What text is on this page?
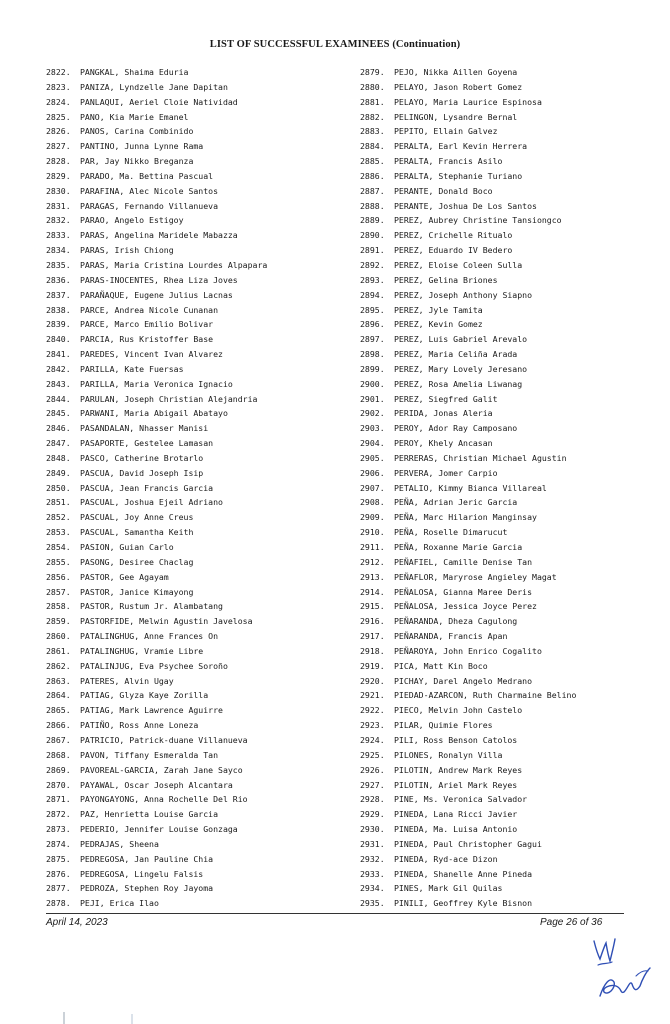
LIST OF SUCCESSFUL EXAMINEES (Continuation)
2822. PANGKAL, Shaima Eduria
2823. PANIZA, Lyndzelle Jane Dapitan
2824. PANLAQUI, Aeriel Cloie Natividad
2825. PANO, Kia Marie Emanel
2826. PANOS, Carina Combinido
2827. PANTINO, Junna Lynne Rama
2828. PAR, Jay Nikko Breganza
2829. PARADO, Ma. Bettina Pascual
2830. PARAFINA, Alec Nicole Santos
2831. PARAGAS, Fernando Villanueva
2832. PARAO, Angelo Estigoy
2833. PARAS, Angelina Maridele Mabazza
2834. PARAS, Irish Chiong
2835. PARAS, Maria Cristina Lourdes Alpapara
2836. PARAS-INOCENTES, Rhea Liza Joves
2837. PARAÑAQUE, Eugene Julius Lacnas
2838. PARCE, Andrea Nicole Cunanan
2839. PARCE, Marco Emilio Bolivar
2840. PARCIA, Rus Kristoffer Base
2841. PAREDES, Vincent Ivan Alvarez
2842. PARILLA, Kate Fuersas
2843. PARILLA, Maria Veronica Ignacio
2844. PARULAN, Joseph Christian Alejandria
2845. PARWANI, Maria Abigail Abatayo
2846. PASANDALAN, Nhasser Manisi
2847. PASAPORTE, Gestelee Lamasan
2848. PASCO, Catherine Brotarlo
2849. PASCUA, David Joseph Isip
2850. PASCUA, Jean Francis Garcia
2851. PASCUAL, Joshua Ejeil Adriano
2852. PASCUAL, Joy Anne Creus
2853. PASCUAL, Samantha Keith
2854. PASION, Guian Carlo
2855. PASONG, Desiree Chaclag
2856. PASTOR, Gee Agayam
2857. PASTOR, Janice Kimayong
2858. PASTOR, Rustum Jr. Alambatang
2859. PASTORFIDE, Melwin Agustin Javelosa
2860. PATALINGHUG, Anne Frances On
2861. PATALINGHUG, Vramie Libre
2862. PATALINJUG, Eva Psychee Soroño
2863. PATERES, Alvin Ugay
2864. PATIAG, Glyza Kaye Zorilla
2865. PATIAG, Mark Lawrence Aguirre
2866. PATIÑO, Ross Anne Loneza
2867. PATRICIO, Patrick-duane Villanueva
2868. PAVON, Tiffany Esmeralda Tan
2869. PAVOREAL-GARCIA, Zarah Jane Sayco
2870. PAYAWAL, Oscar Joseph Alcantara
2871. PAYONGAYONG, Anna Rochelle Del Rio
2872. PAZ, Henrietta Louise Garcia
2873. PEDERIO, Jennifer Louise Gonzaga
2874. PEDRAJAS, Sheena
2875. PEDREGOSA, Jan Pauline Chia
2876. PEDREGOSA, Lingelu Falsis
2877. PEDROZA, Stephen Roy Jayoma
2878. PEJI, Erica Ilao
2879. PEJO, Nikka Aillen Goyena
2880. PELAYO, Jason Robert Gomez
2881. PELAYO, Maria Laurice Espinosa
2882. PELINGON, Lysandre Bernal
2883. PEPITO, Ellain Galvez
2884. PERALTA, Earl Kevin Herrera
2885. PERALTA, Francis Asilo
2886. PERALTA, Stephanie Turiano
2887. PERANTE, Donald Boco
2888. PERANTE, Joshua De Los Santos
2889. PEREZ, Aubrey Christine Tansiongco
2890. PEREZ, Crichelle Ritualo
2891. PEREZ, Eduardo IV Bedero
2892. PEREZ, Eloise Coleen Sulla
2893. PEREZ, Gelina Briones
2894. PEREZ, Joseph Anthony Siapno
2895. PEREZ, Jyle Tamita
2896. PEREZ, Kevin Gomez
2897. PEREZ, Luis Gabriel Arevalo
2898. PEREZ, Maria Celiña Arada
2899. PEREZ, Mary Lovely Jeresano
2900. PEREZ, Rosa Amelia Liwanag
2901. PEREZ, Siegfred Galit
2902. PERIDA, Jonas Aleria
2903. PEROY, Ador Ray Camposano
2904. PEROY, Khely Ancasan
2905. PERRERAS, Christian Michael Agustin
2906. PERVERA, Jomer Carpio
2907. PETALIO, Kimmy Bianca Villareal
2908. PEÑA, Adrian Jeric Garcia
2909. PEÑA, Marc Hilarion Manginsay
2910. PEÑA, Roselle Dimarucut
2911. PEÑA, Roxanne Marie Garcia
2912. PEÑAFIEL, Camille Denise Tan
2913. PEÑAFLOR, Maryrose Angieley Magat
2914. PEÑALOSA, Gianna Maree Deris
2915. PEÑALOSA, Jessica Joyce Perez
2916. PEÑARANDA, Dheza Cagulong
2917. PEÑARANDA, Francis Apan
2918. PEÑAROYA, John Enrico Cogalito
2919. PICA, Matt Kin Boco
2920. PICHAY, Darel Angelo Medrano
2921. PIEDAD-AZARCON, Ruth Charmaine Belino
2922. PIECO, Melvin John Castelo
2923. PILAR, Quimie Flores
2924. PILI, Ross Benson Catolos
2925. PILONES, Ronalyn Villa
2926. PILOTIN, Andrew Mark Reyes
2927. PILOTIN, Ariel Mark Reyes
2928. PINE, Ms. Veronica Salvador
2929. PINEDA, Lana Ricci Javier
2930. PINEDA, Ma. Luisa Antonio
2931. PINEDA, Paul Christopher Gagui
2932. PINEDA, Ryd-ace Dizon
2933. PINEDA, Shanelle Anne Pineda
2934. PINES, Mark Gil Quilas
2935. PINILI, Geoffrey Kyle Bisnon
April 14, 2023	Page 26 of 36
